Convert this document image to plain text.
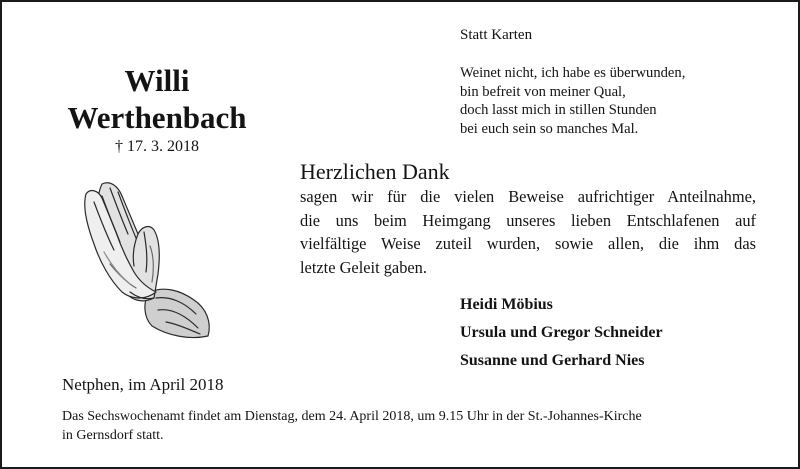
Willi
Werthenbach
† 17. 3. 2018
Statt Karten
Weinet nicht, ich habe es überwunden,
bin befreit von meiner Qual,
doch lasst mich in stillen Stunden
bei euch sein so manches Mal.
Herzlichen Dank
sagen wir für die vielen Beweise aufrichtiger Anteilnahme,
die uns beim Heimgang unseres lieben Entschlafenen auf
vielfältige Weise zuteil wurden, sowie allen, die ihm das
letzte Geleit gaben.
Heidi Möbius
Ursula und Gregor Schneider
Susanne und Gerhard Nies
Netphen, im April 2018
Das Sechswochenamt findet am Dienstag, dem 24. April 2018, um 9.15 Uhr in der St.-Johannes-Kirche
in Gernsdorf statt.
